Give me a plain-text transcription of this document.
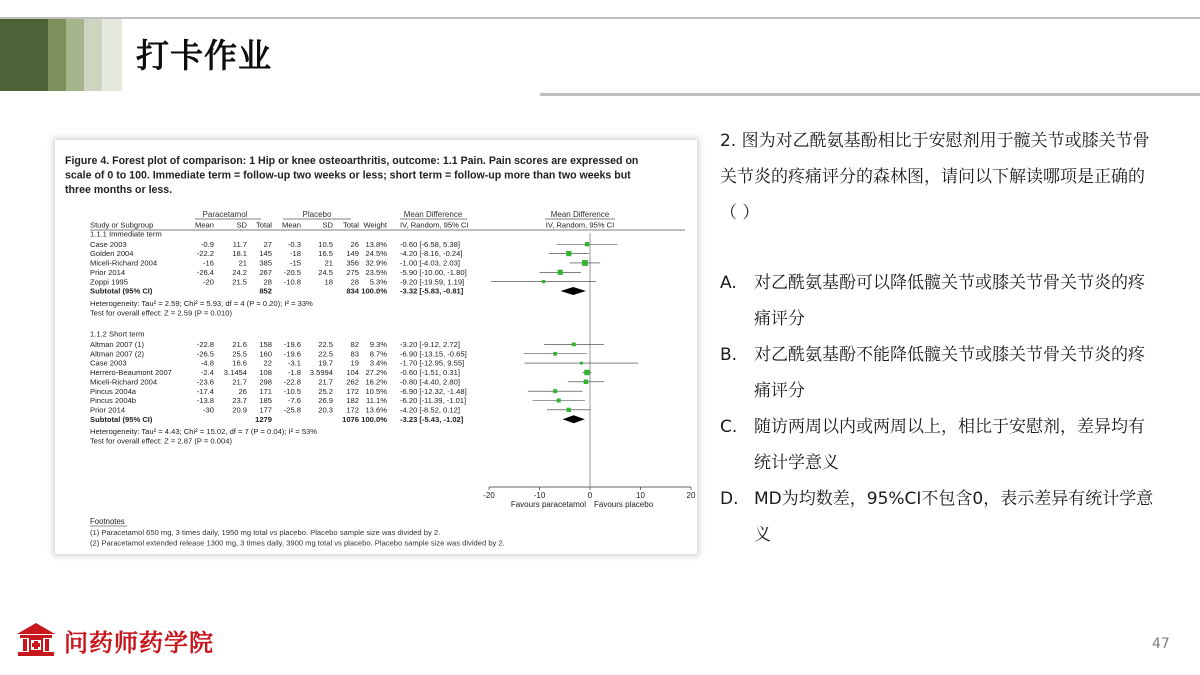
打卡作业
Figure 4. Forest plot of comparison: 1 Hip or knee osteoarthritis, outcome: 1.1 Pain. Pain scores are expressed on
scale of 0 to 100. Immediate term = follow-up two weeks or less; short term = follow-up more than two weeks but
three months or less.
Paracetamol	Placebo	Mean Difference	Mean Difference
Study or Subgroup	Mean	SD Total Mean	SD Total Weight IV, Random, 95% CI	IV, Random, 95% CI
1.1.1 Immediate term
Case 2003	-0.9 11.7 27 -0.3 10.5 26 13.8% -0.60 [-6.58, 5.38]
Golden 2004	-22.2 18.1 145 -18 16.5 149 24.5% -4.20 [-8.16, -0.24]
Miceli-Richard 2004	-16	21 385 -15	21 356 32.9% -1.00 [-4.03, 2.03]
Prior 2014	-26.4 24.2 267 -20.5 24.5 275 23.5% -5.90 [-10.00, -1.80]
Zoppi 1995	-20 21.5 28 -10.8	18 28 5.3% -9.20 [-19.59, 1.19]
Subtotal (95% CI)	852	834 100.0% -3.32 [-5.83, -0.81]
Heterogeneity: Tau² = 2.59; Chi² = 5.93, df = 4 (P = 0.20); I² = 33%
Test for overall effect: Z = 2.59 (P = 0.010)
1.1.2 Short term
Altman 2007 (1)	-22.8 21.6 158 -19.6 22.5 82 9.3% -3.20 [-9.12, 2.72]
Altman 2007 (2)	-26.5 25.5 160 -19.6 22.5 83 8.7% -6.90 [-13.15, -0.65]
Case 2003	-4.8 16.6 22 -3.1 19.7 19 3.4% -1.70 [-12.95, 9.55]
Herrero-Beaumont 2007	-2.4 3.1454 108 -1.8 3.5994 104 27.2% -0.60 [-1.51, 0.31]
Miceli-Richard 2004	-23.6 21.7 298 -22.8 21.7 262 16.2% -0.80 [-4.40, 2.80]
Pincus 2004a	-17.4	26 171 -10.5 25.2 172 10.5% -6.90 [-12.32, -1.48]
Pincus 2004b	-13.8 23.7 185 -7.6 26.9 182 11.1% -6.20 [-11.39, -1.01]
Prior 2014	-30 20.9 177 -25.8 20.3 172 13.6% -4.20 [-8.52, 0.12]
Subtotal (95% CI)	1279	1076 100.0% -3.23 [-5.43, -1.02]
Heterogeneity: Tau² = 4.43; Chi² = 15.02, df = 7 (P = 0.04); I² = 53%
Test for overall effect: Z = 2.87 (P = 0.004)
-20	-10	0	10	20
Favours paracetamol Favours placebo
Footnotes
(1) Paracetamol 650 mg, 3 times daily, 1950 mg total vs placebo. Placebo sample size was divided by 2.
(2) Paracetamol extended release 1300 mg, 3 times daily, 3900 mg total vs placebo. Placebo sample size was divided by 2.
2. 图为对乙酰氨基酚相比于安慰剂用于髋关节或膝关节骨关节炎的疼痛评分的森林图，请问以下解读哪项是正确的（ ）
A.	对乙酰氨基酚可以降低髋关节或膝关节骨关节炎的疼痛评分
B. 对乙酰氨基酚不能降低髋关节或膝关节骨关节炎的疼痛评分
C. 随访两周以内或两周以上，相比于安慰剂，差异均有统计学意义
D. MD为均数差，95%CI不包含0，表示差异有统计学意义
问药师药学院	47
